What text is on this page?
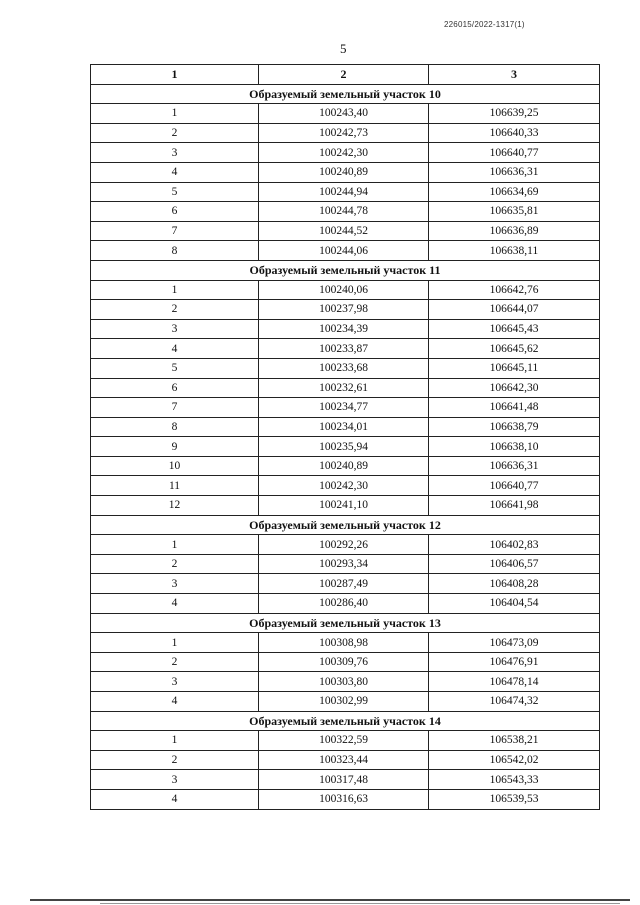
226015/2022-1317(1)
5
1	2	3
Образуемый земельный участок 10		
1	100243,40	106639,25
2	100242,73	106640,33
3	100242,30	106640,77
4	100240,89	106636,31
5	100244,94	106634,69
6	100244,78	106635,81
7	100244,52	106636,89
8	100244,06	106638,11
Образуемый земельный участок 11		
1	100240,06	106642,76
2	100237,98	106644,07
3	100234,39	106645,43
4	100233,87	106645,62
5	100233,68	106645,11
6	100232,61	106642,30
7	100234,77	106641,48
8	100234,01	106638,79
9	100235,94	106638,10
10	100240,89	106636,31
11	100242,30	106640,77
12	100241,10	106641,98
Образуемый земельный участок 12		
1	100292,26	106402,83
2	100293,34	106406,57
3	100287,49	106408,28
4	100286,40	106404,54
Образуемый земельный участок 13		
1	100308,98	106473,09
2	100309,76	106476,91
3	100303,80	106478,14
4	100302,99	106474,32
Образуемый земельный участок 14		
1	100322,59	106538,21
2	100323,44	106542,02
3	100317,48	106543,33
4	100316,63	106539,53
